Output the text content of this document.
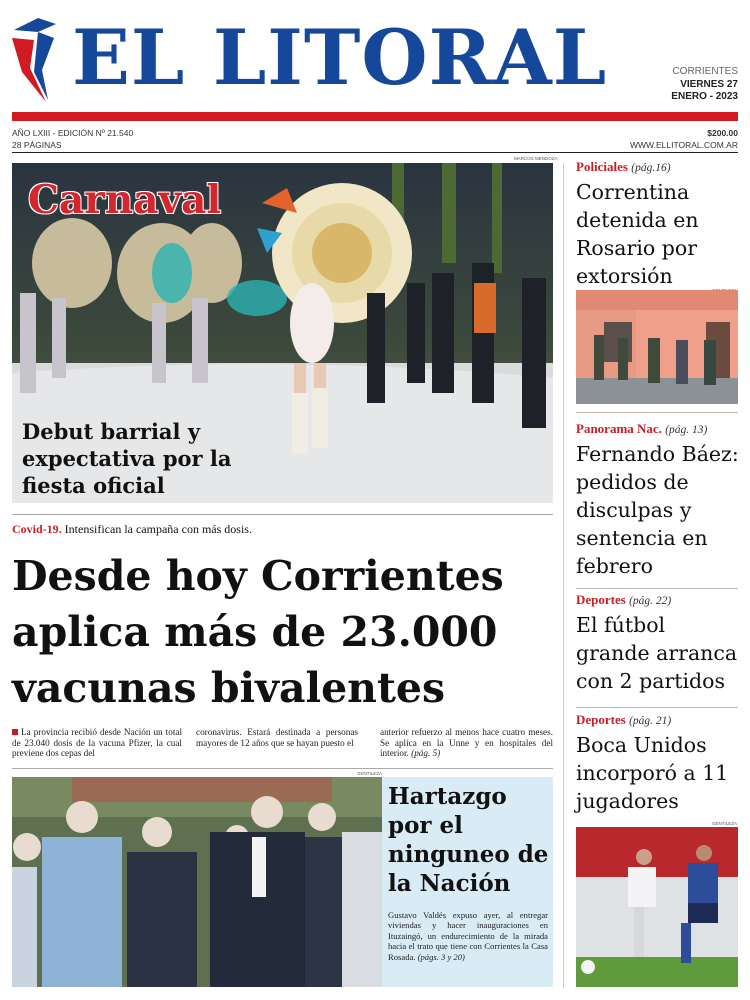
EL LITORAL	CORRIENTES
VIERNES 27
ENERO - 2023
AÑO LXIII - EDICIÓN Nº 21.540
28 PÁGINAS
$200.00
WWW.ELLITORAL.COM.AR
MARCOS MENDOZA
Carnaval
Debut barrial y expectativa por la fiesta oficial
Covid-19. Intensifican la campaña con más dosis.
Desde hoy Corrientes aplica más de 23.000 vacunas bivalentes
La provincia recibió desde Nación un total de 23.040 dosis de la vacuna Pfizer, la cual previene dos cepas del
coronavirus. Estará destinada a personas mayores de 12 años que se hayan puesto el
anterior refuerzo al menos hace cuatro meses. Se aplica en la Unne y en hospitales del interior. (pág. 5)
GENTILEZA
Hartazgo por el ninguneo de la Nación
Gustavo Valdés expuso ayer, al entregar viviendas y hacer inauguraciones en Ituzaingó, un endurecimiento de la mirada hacia el trato que tiene con Corrientes la Casa Rosada. (págs. 3 y 20)
Policiales (pág.16)
Correntina detenida en Rosario por extorsión
Panorama Nac. (pág. 13)
Fernando Báez: pedidos de disculpas y sentencia en febrero
Deportes (pág. 22)
El fútbol grande arranca con 2 partidos
Deportes (pág. 21)
Boca Unidos incorporó a 11 jugadores
GENTILEZA
